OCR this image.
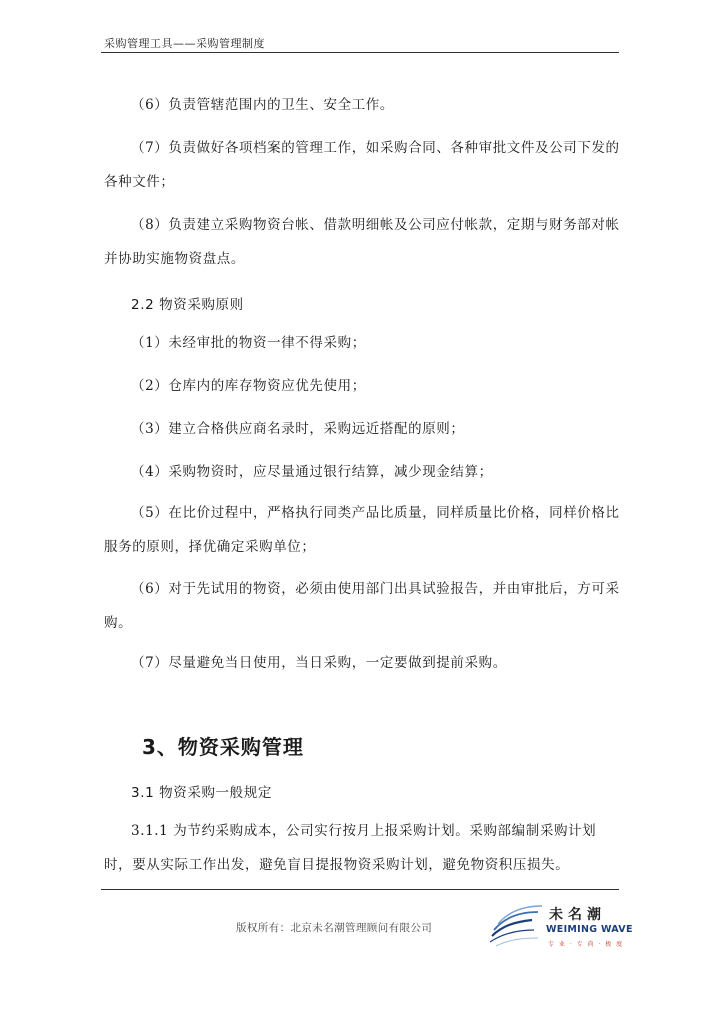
采购管理工具——采购管理制度

（6）负责管辖范围内的卫生、安全工作。

（7）负责做好各项档案的管理工作，如采购合同、各种审批文件及公司下发的各种文件；

（8）负责建立采购物资台帐、借款明细帐及公司应付帐款，定期与财务部对帐并协助实施物资盘点。

2.2 物资采购原则

（1）未经审批的物资一律不得采购；

（2）仓库内的库存物资应优先使用；

（3）建立合格供应商名录时，采购远近搭配的原则；

（4）采购物资时，应尽量通过银行结算，减少现金结算；

（5）在比价过程中，严格执行同类产品比质量，同样质量比价格，同样价格比服务的原则，择优确定采购单位；

（6）对于先试用的物资，必须由使用部门出具试验报告，并由审批后，方可采购。

（7）尽量避免当日使用，当日采购，一定要做到提前采购。

3、物资采购管理

3.1 物资采购一般规定

3.1.1 为节约采购成本，公司实行按月上报采购计划。采购部编制采购计划时，要从实际工作出发，避免盲目提报物资采购计划，避免物资积压损失。

版权所有：北京未名潮管理顾问有限公司
未名潮
WEIMING WAVE
专 业 · 专 尚 · 极 度
